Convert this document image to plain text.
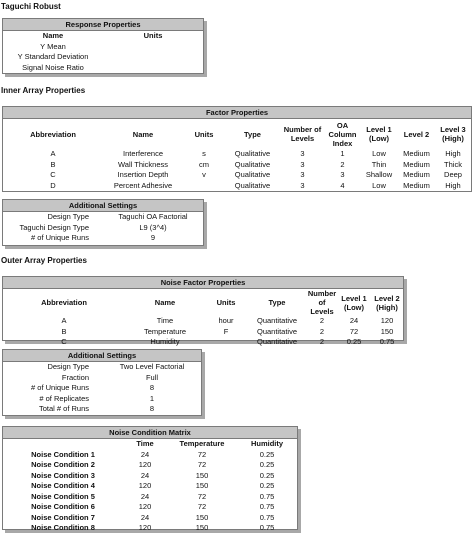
Taguchi Robust
Response Properties
Name	Units
Y Mean	
Y Standard Deviation	
Signal Noise Ratio	
Inner Array Properties
Factor Properties
Abbreviation	Name	Units	Type	Number of Levels	OA Column Index	Level 1 (Low)	Level 2	Level 3 (High)
A	Interference	s	Qualitative	3	1	Low	Medium	High
B	Wall Thickness	cm	Qualitative	3	2	Thin	Medium	Thick
C	Insertion Depth	v	Qualitative	3	3	Shallow	Medium	Deep
D	Percent Adhesive		Qualitative	3	4	Low	Medium	High
Additional Settings
Design Type	Taguchi OA Factorial
Taguchi Design Type	L9 (3^4)
# of Unique Runs	9
Outer Array Properties
Noise Factor Properties
Abbreviation	Name	Units	Type	Number of Levels	Level 1 (Low)	Level 2 (High)
A	Time	hour	Quantitative	2	24	120
B	Temperature	F	Quantitative	2	72	150
C	Humidity		Quantitative	2	0.25	0.75
Additional Settings
Design Type	Two Level Factorial
Fraction	Full
# of Unique Runs	8
# of Replicates	1
Total # of Runs	8
Noise Condition Matrix
	Time	Temperature	Humidity
Noise Condition 1	24	72	0.25
Noise Condition 2	120	72	0.25
Noise Condition 3	24	150	0.25
Noise Condition 4	120	150	0.25
Noise Condition 5	24	72	0.75
Noise Condition 6	120	72	0.75
Noise Condition 7	24	150	0.75
Noise Condition 8	120	150	0.75
